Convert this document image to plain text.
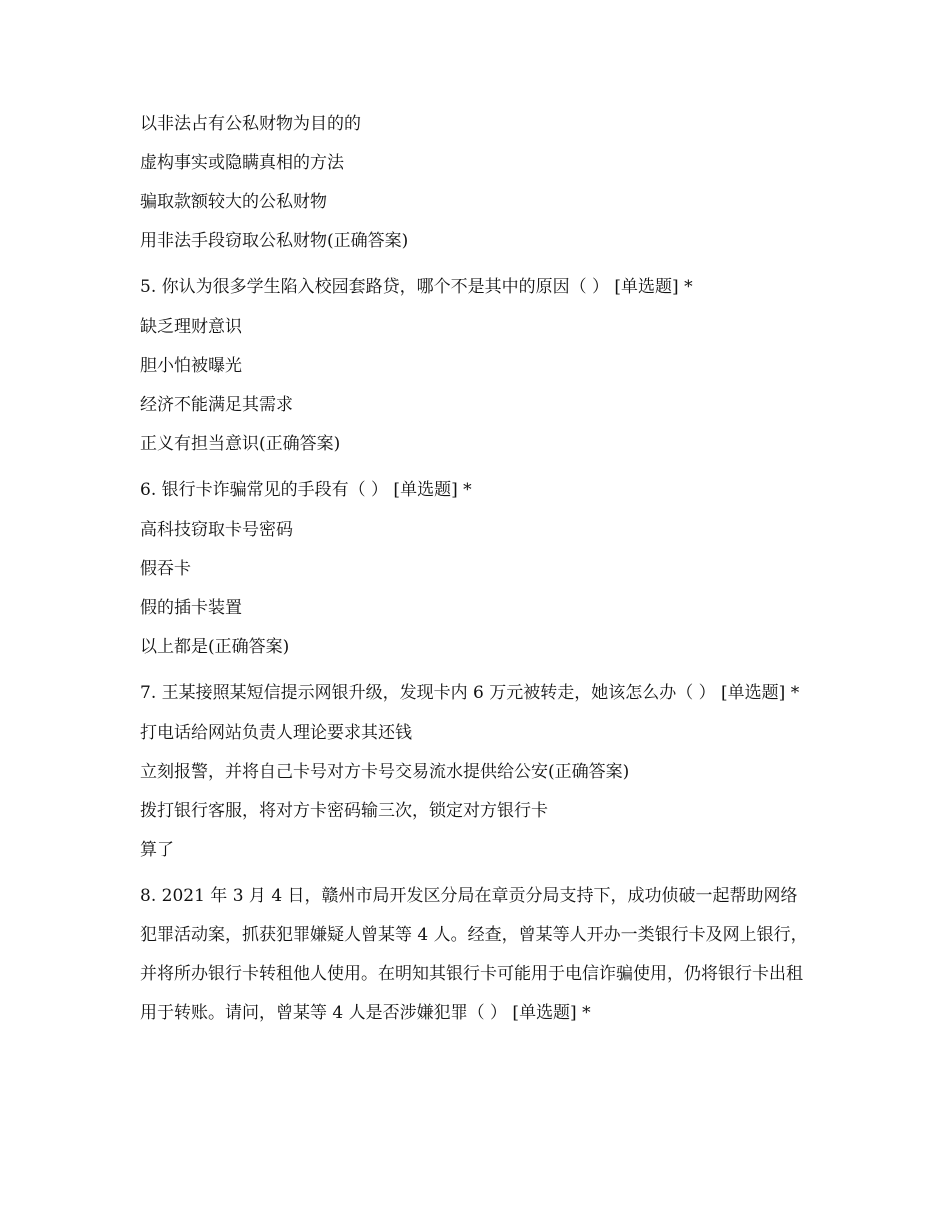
以非法占有公私财物为目的的
虚构事实或隐瞒真相的方法
骗取款额较大的公私财物
用非法手段窃取公私财物(正确答案)
5. 你认为很多学生陷入校园套路贷，哪个不是其中的原因（ ） [单选题] *
缺乏理财意识
胆小怕被曝光
经济不能满足其需求
正义有担当意识(正确答案)
6. 银行卡诈骗常见的手段有（ ） [单选题] *
高科技窃取卡号密码
假吞卡
假的插卡装置
以上都是(正确答案)
7. 王某接照某短信提示网银升级，发现卡内 6 万元被转走，她该怎么办（ ） [单选题] *
打电话给网站负责人理论要求其还钱
立刻报警，并将自己卡号对方卡号交易流水提供给公安(正确答案)
拨打银行客服，将对方卡密码输三次，锁定对方银行卡
算了
8. 2021 年 3 月 4 日，赣州市局开发区分局在章贡分局支持下，成功侦破一起帮助网络犯罪活动案，抓获犯罪嫌疑人曾某等 4 人。经查，曾某等人开办一类银行卡及网上银行，并将所办银行卡转租他人使用。在明知其银行卡可能用于电信诈骗使用，仍将银行卡出租用于转账。请问，曾某等 4 人是否涉嫌犯罪（ ） [单选题] *
